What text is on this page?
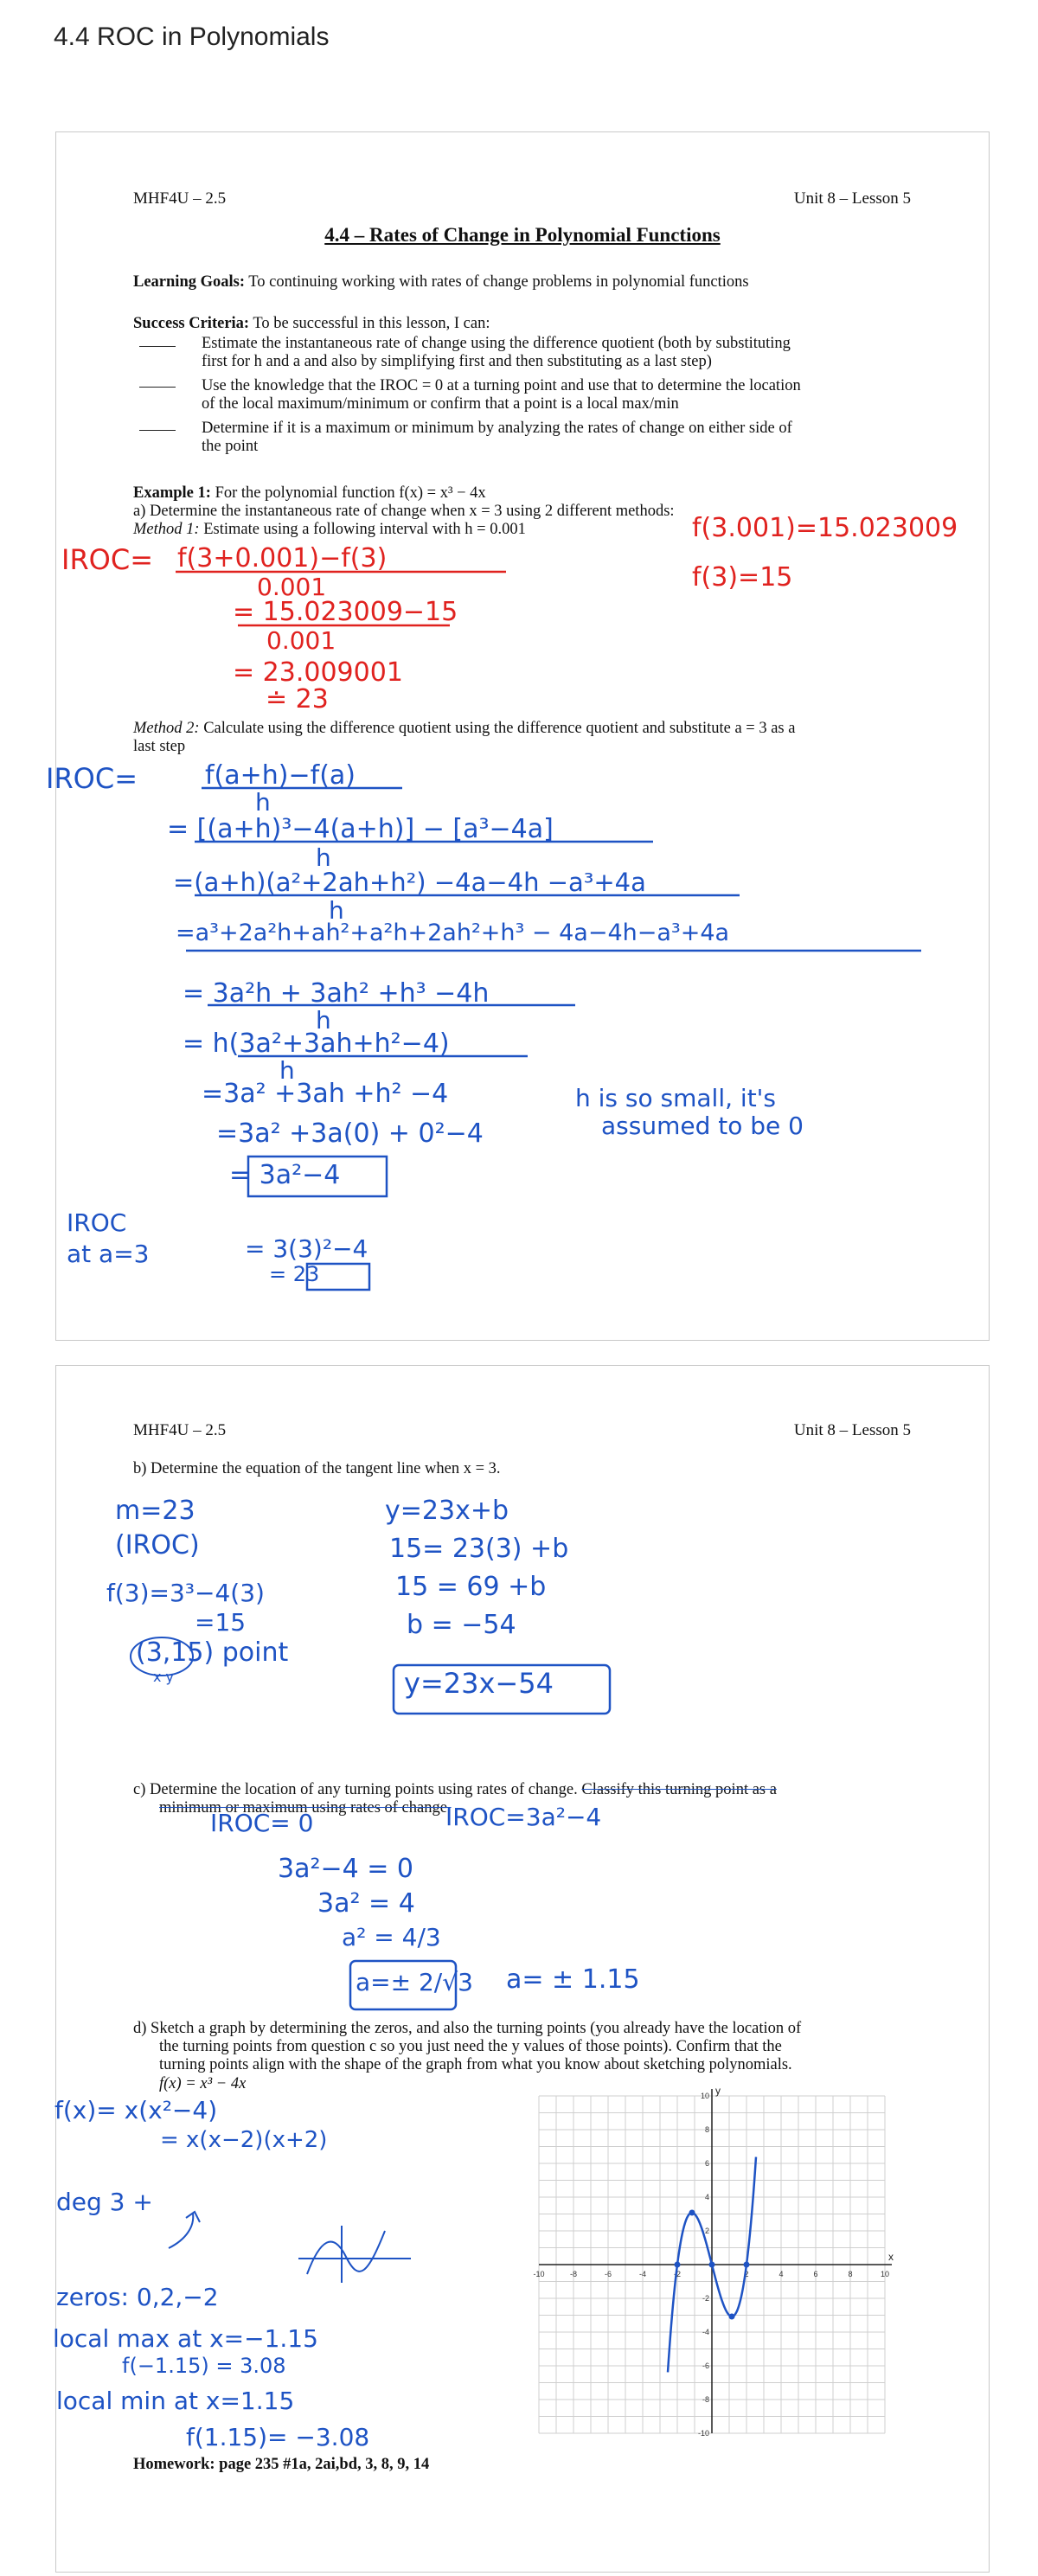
4.4 ROC in Polynomials
MHF4U – 2.5	Unit 8 – Lesson 5
4.4 – Rates of Change in Polynomial Functions
Learning Goals: To continuing working with rates of change problems in polynomial functions
Success Criteria: To be successful in this lesson, I can:
Estimate the instantaneous rate of change using the difference quotient (both by substituting
first for h and a and also by simplifying first and then substituting as a last step)
Use the knowledge that the IROC = 0 at a turning point and use that to determine the location
of the local maximum/minimum or confirm that a point is a local max/min
Determine if it is a maximum or minimum by analyzing the rates of change on either side of
the point
Example 1: For the polynomial function f(x) = x³ − 4x
a) Determine the instantaneous rate of change when x = 3 using 2 different methods:
Method 1: Estimate using a following interval with h = 0.001	f(3.001)=15.023009
f(3)=15
IROC= f(3+0.001)−f(3)
0.001
= 15.023009−15
0.001
= 23.009001
≐ 23
Method 2: Calculate using the difference quotient using the difference quotient and substitute a = 3 as a
last step
IROC=	f(a+h)−f(a)
h
= [(a+h)³−4(a+h)] − [a³−4a]
h
=(a+h)(a²+2ah+h²) −4a−4h −a³+4a
h
=a³+2a²h+ah²+a²h+2ah²+h³ − 4a−4h−a³+4a
= 3a²h + 3ah² +h³ −4h
h
= h(3a²+3ah+h²−4)
h
=3a² +3ah +h² −4
=3a² +3a(0) + 0²−4
= 3a²−4
h is so small, it's
assumed to be 0
IROC
at a=3	= 3(3)²−4
= 23
MHF4U – 2.5	Unit 8 – Lesson 5
b) Determine the equation of the tangent line when x = 3.
m=23
(IROC)
f(3)=3³−4(3)
=15
(3,15) point
x y
y=23x+b
15= 23(3) +b
15 = 69 +b
b = −54
y=23x−54
c) Determine the location of any turning points using rates of change. Classify this turning point as a
minimum or maximum using rates of change.
IROC= 0	IROC=3a²−4
3a²−4 = 0
3a² = 4
a² = 4/3
a=± 2/√3 a= ± 1.15
d) Sketch a graph by determining the zeros, and also the turning points (you already have the location of
the turning points from question c so you just need the y values of those points). Confirm that the
turning points align with the shape of the graph from what you know about sketching polynomials.
f(x) = x³ − 4x
f(x)= x(x²−4)
= x(x−2)(x+2)
deg 3 +
zeros: 0,2,−2
local max at x=−1.15
f(−1.15) = 3.08
local min at x=1.15
f(1.15)= −3.08
-10	-8	-6	-4	-2	2	4	6	8	10
10
8
6
4
2
-2
-4
-6
-8
-10
x
y
Homework: page 235 #1a, 2ai,bd, 3, 8, 9, 14
